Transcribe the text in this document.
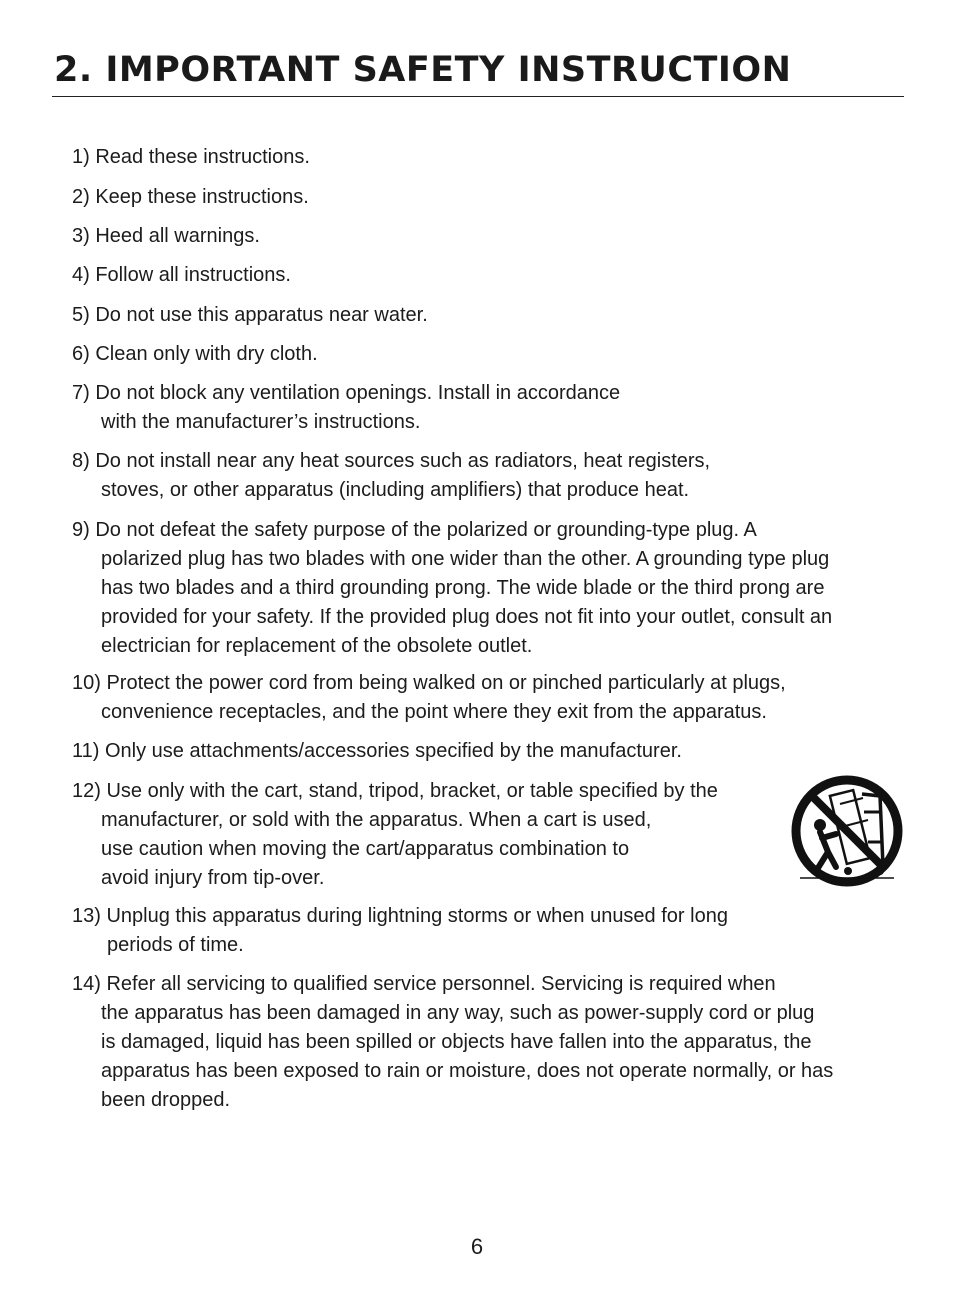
2. IMPORTANT SAFETY INSTRUCTION
1) Read these instructions.
2) Keep these instructions.
3) Heed all warnings.
4) Follow all instructions.
5) Do not use this apparatus near water.
6) Clean only with dry cloth.
7) Do not block any ventilation openings. Install in accordance
with the manufacturer’s instructions.
8) Do not install near any heat sources such as radiators, heat registers,
stoves, or other apparatus (including amplifiers) that produce heat.
9) Do not defeat the safety purpose of the polarized or grounding-type plug. A
polarized plug has two blades with one wider than the other. A grounding type plug
has two blades and a third grounding prong. The wide blade or the third prong are
provided for your safety. If the provided plug does not fit into your outlet, consult an
electrician for replacement of the obsolete outlet.
10) Protect the power cord from being walked on or pinched particularly at plugs,
convenience receptacles, and the point where they exit from the apparatus.
11) Only use attachments/accessories specified by the manufacturer.
12) Use only with the cart, stand, tripod, bracket, or table specified by the
manufacturer, or sold with the apparatus. When a cart is used,
use caution when moving the cart/apparatus combination to
avoid injury from tip-over.
13) Unplug this apparatus during lightning storms or when unused for long
periods of time.
14) Refer all servicing to qualified service personnel. Servicing is required when
the apparatus has been damaged in any way, such as power-supply cord or plug
is damaged, liquid has been spilled or objects have fallen into the apparatus, the
apparatus has been exposed to rain or moisture, does not operate normally, or has
been dropped.
6
